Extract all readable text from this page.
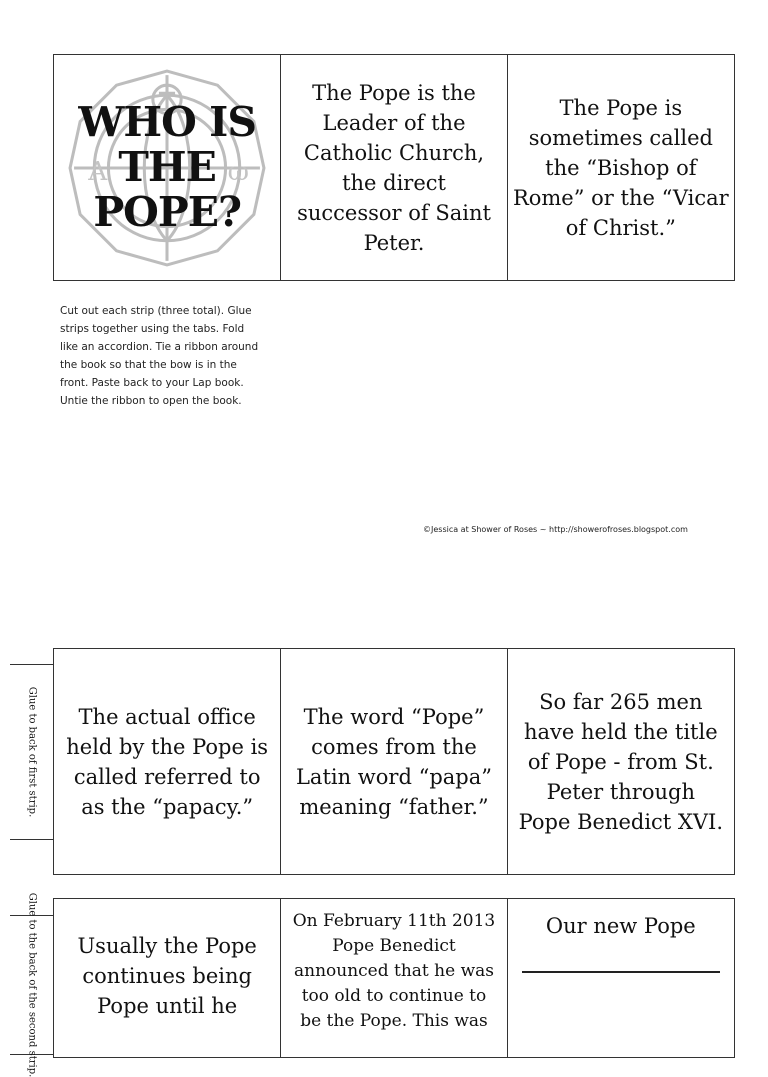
A	ω
WHO IS THE POPE?

The Pope is the Leader of the Catholic Church, the direct successor of Saint Peter.

The Pope is sometimes called the “Bishop of Rome” or the “Vicar of Christ.”

Cut out each strip (three total). Glue strips together using the tabs. Fold like an accordion. Tie a ribbon around the book so that the bow is in the front. Paste back to your Lap book. Untie the ribbon to open the book.

©Jessica at Shower of Roses ~ http://showerofroses.blogspot.com
Glue to back of first strip.	The actual office held by the Pope is called referred to as the “papacy.”

The word “Pope” comes from the Latin word “papa” meaning “father.”

So far 265 men have held the title of Pope - from St. Peter through Pope Benedict XVI.

Glue to the back of the second strip.	Usually the Pope continues being Pope until he

On February 11th 2013 Pope Benedict announced that he was too old to continue to be the Pope. This was

Our new Pope
